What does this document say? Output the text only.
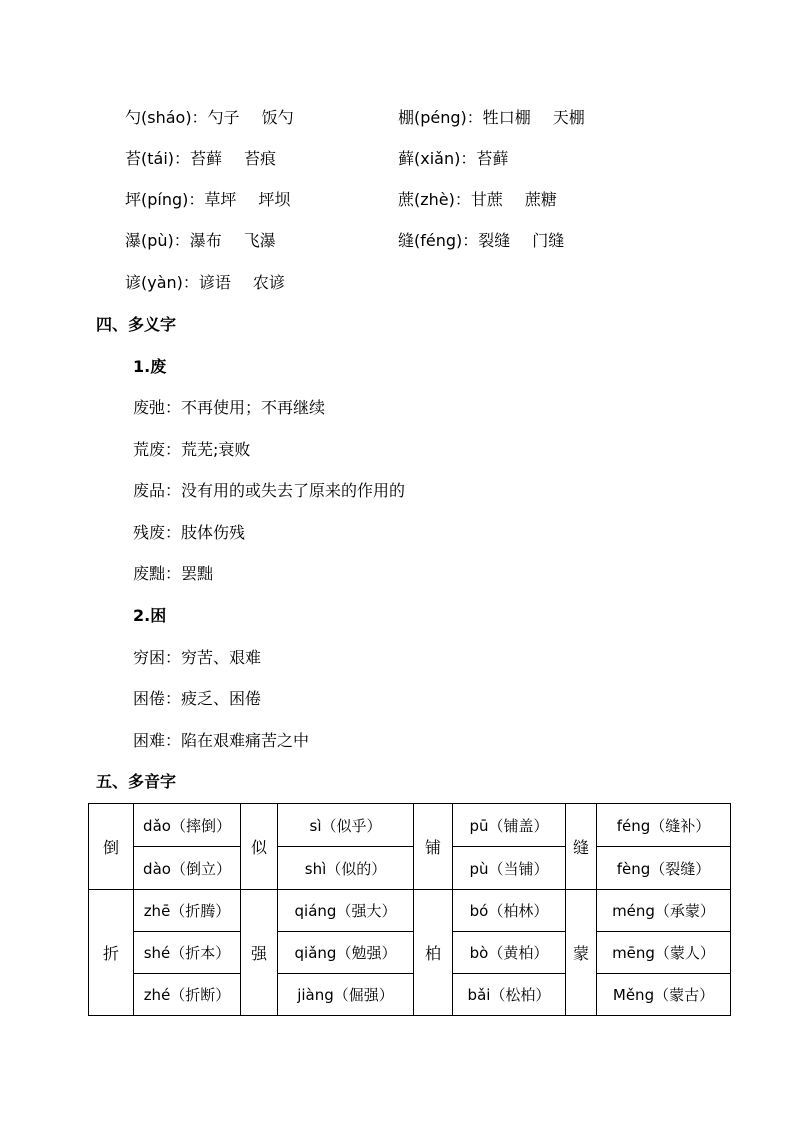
勺(sháo)：勺子 饭勺	棚(péng)：牲口棚 天棚
苔(tái)：苔藓 苔痕	藓(xiǎn)：苔藓
坪(píng)：草坪 坪坝	蔗(zhè)：甘蔗 蔗糖
瀑(pù)：瀑布 飞瀑	缝(féng)：裂缝 门缝
谚(yàn)：谚语 农谚
四、多义字
1.废
废弛：不再使用；不再继续
荒废：荒芜;衰败
废品：没有用的或失去了原来的作用的
残废：肢体伤残
废黜：罢黜
2.困
穷困：穷苦、艰难
困倦：疲乏、困倦
困难：陷在艰难痛苦之中
五、多音字
倒	dǎo（摔倒）	似	sì（似乎）	铺	pū（铺盖）	缝	féng（缝补）
	dào（倒立）		shì（似的）		pù（当铺）		fèng（裂缝）
折	zhē（折腾）	强	qiáng（强大）	柏	bó（柏林）	蒙	méng（承蒙）
	shé（折本）		qiǎng（勉强）		bò（黄柏）		mēng（蒙人）
	zhé（折断）		jiàng（倔强）		bǎi（松柏）		Měng（蒙古）
